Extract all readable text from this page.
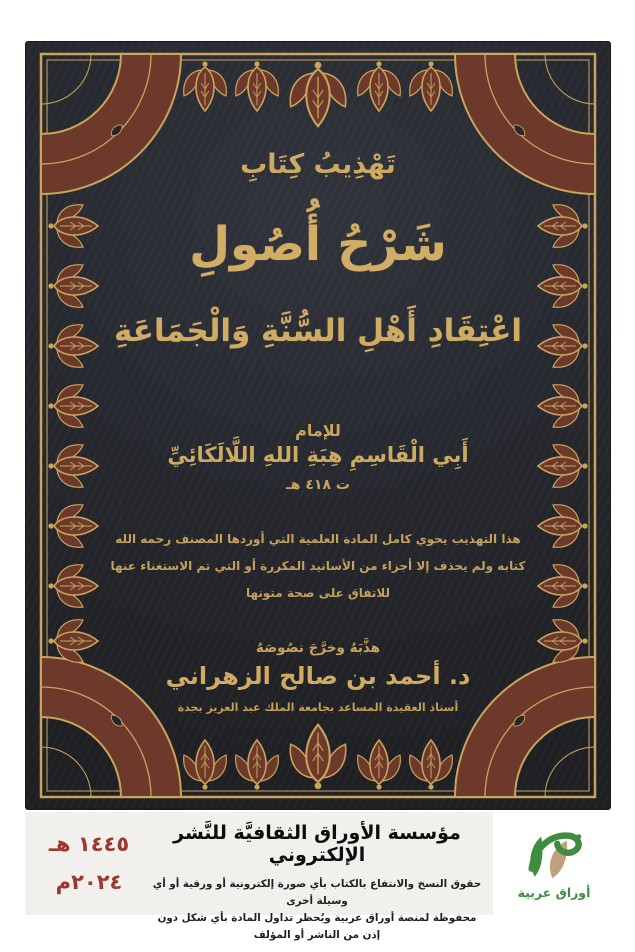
تَهْذِيبُ كِتَابِ
شَرْحُ أُصُولِ
اعْتِقَادِ أَهْلِ السُّنَّةِ وَالْجَمَاعَةِ
للإمام
أَبِي الْقَاسِمِ هِبَةِ اللهِ اللَّالَكَائِيِّ
ت ٤١٨ هـ
هذا التهذيب يحوي كامل المادة العلمية التي أوردها المصنف رحمه الله
كتابه ولم يحذف إلا أجزاء من الأسانيد المكررة أو التي تم الاستغناء عنها
للاتفاق على صحة متونها
هذَّبَهُ وخرَّجَ نصُوصَهُ
د. أحمد بن صالح الزهراني
أستاذ العقيدة المساعد بجامعة الملك عبد العزيز بجدة
١٤٤٥ هـ
٢٠٢٤م
مؤسسة الأوراق الثقافيَّة للنَّشر الإلكتروني
حقوق النسخ والانتفاع بالكتاب بأي صورة إلكترونية أو ورقية أو أي وسيلة أخرى
محفوظة لمنصة أوراق عربية ويُحظر تداول المادة بأي شكل دون إذن من الناشر أو المؤلف
أوراق عربية
